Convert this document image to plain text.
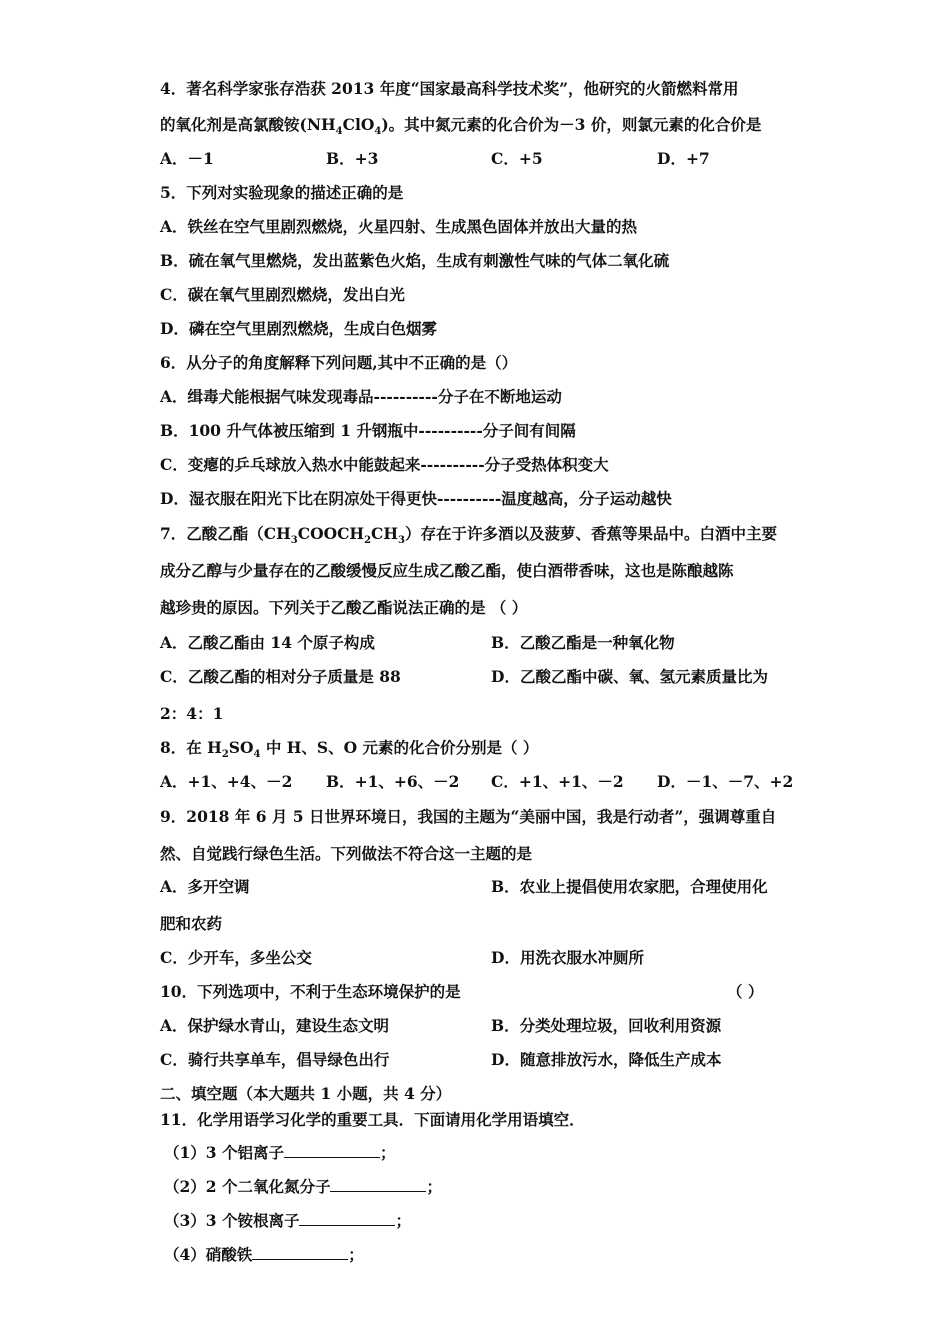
4．著名科学家张存浩获 2013 年度“国家最高科学技术奖”，他研究的火箭燃料常用
的氧化剂是高氯酸铵$(NH_4ClO_4)$。其中氮元素的化合价为－3 价，则氯元素的化合价是
A．－1	B．+3	C．+5	D．+7
5．下列对实验现象的描述正确的是
A．铁丝在空气里剧烈燃烧，火星四射、生成黑色固体并放出大量的热
B．硫在氧气里燃烧，发出蓝紫色火焰，生成有刺激性气味的气体二氧化硫
C．碳在氧气里剧烈燃烧，发出白光
D．磷在空气里剧烈燃烧，生成白色烟雾
6．从分子的角度解释下列问题,其中不正确的是（）
A．缉毒犬能根据气味发现毒品----------分子在不断地运动
B．100 升气体被压缩到 1 升钢瓶中----------分子间有间隔
C．变瘪的乒乓球放入热水中能鼓起来----------分子受热体积变大
D．湿衣服在阳光下比在阴凉处干得更快----------温度越高，分子运动越快
7．乙酸乙酯$(CH_3COOCH_2CH_3)$存在于许多酒以及菠萝、香蕉等果品中。白酒中主要
成分乙醇与少量存在的乙酸缓慢反应生成乙酸乙酯，使白酒带香味，这也是陈酿越陈
越珍贵的原因。下列关于乙酸乙酯说法正确的是 （ ）
A．乙酸乙酯由 14 个原子构成	B．乙酸乙酯是一种氧化物
C．乙酸乙酯的相对分子质量是 88	D．乙酸乙酯中碳、氧、氢元素质量比为
2：4：1
8．在 $H_2SO_4$ 中 H、S、O 元素的化合价分别是（ ）
A．+1、+4、－2 B．+1、+6、－2 C．+1、+1、－2 D．－1、－7、+2
9．2018 年 6 月 5 日世界环境日，我国的主题为“美丽中国，我是行动者”，强调尊重自
然、自觉践行绿色生活。下列做法不符合这一主题的是
A．多开空调	B．农业上提倡使用农家肥，合理使用化
肥和农药
C．少开车，多坐公交	D．用洗衣服水冲厕所
10．下列选项中，不利于生态环境保护的是	（ ）
A．保护绿水青山，建设生态文明	B．分类处理垃圾，回收利用资源
C．骑行共享单车，倡导绿色出行	D．随意排放污水，降低生产成本
二、填空题（本大题共 1 小题，共 4 分）
11．化学用语学习化学的重要工具．下面请用化学用语填空．
（1）3 个铝离子	；
（2）2 个二氧化氮分子	；
（3）3 个铵根离子	；
（4）硝酸铁	；
